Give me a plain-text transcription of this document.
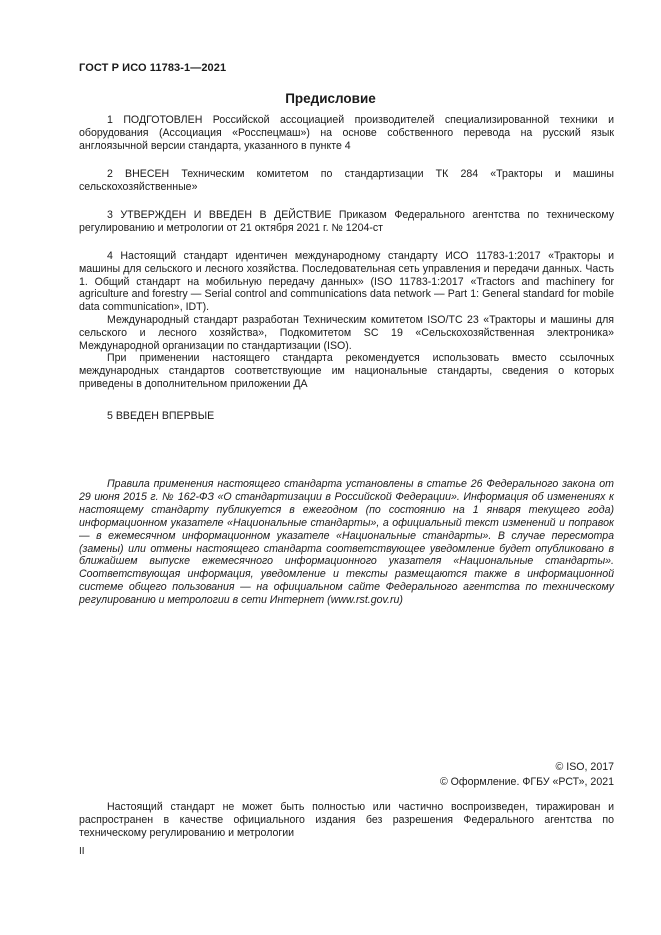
ГОСТ Р ИСО 11783-1—2021
Предисловие

1 ПОДГОТОВЛЕН Российской ассоциацией производителей специализированной техники и оборудования (Ассоциация «Росспецмаш») на основе собственного перевода на русский язык англоязычной версии стандарта, указанного в пункте 4

2 ВНЕСЕН Техническим комитетом по стандартизации ТК 284 «Тракторы и машины сельскохозяйственные»

3 УТВЕРЖДЕН И ВВЕДЕН В ДЕЙСТВИЕ Приказом Федерального агентства по техническому регулированию и метрологии от 21 октября 2021 г. № 1204-ст

4 Настоящий стандарт идентичен международному стандарту ИСО 11783-1:2017 «Тракторы и машины для сельского и лесного хозяйства. Последовательная сеть управления и передачи данных. Часть 1. Общий стандарт на мобильную передачу данных» (ISO 11783-1:2017 «Tractors and machinery for agriculture and forestry — Serial control and communications data network — Part 1: General standard for mobile data communication», IDT).

Международный стандарт разработан Техническим комитетом ISO/TC 23 «Тракторы и машины для сельского и лесного хозяйства», Подкомитетом SC 19 «Сельскохозяйственная электроника» Международной организации по стандартизации (ISO).

При применении настоящего стандарта рекомендуется использовать вместо ссылочных международных стандартов соответствующие им национальные стандарты, сведения о которых приведены в дополнительном приложении ДА

5 ВВЕДЕН ВПЕРВЫЕ

Правила применения настоящего стандарта установлены в статье 26 Федерального закона от 29 июня 2015 г. № 162-ФЗ «О стандартизации в Российской Федерации». Информация об изменениях к настоящему стандарту публикуется в ежегодном (по состоянию на 1 января текущего года) информационном указателе «Национальные стандарты», а официальный текст изменений и поправок — в ежемесячном информационном указателе «Национальные стандарты». В случае пересмотра (замены) или отмены настоящего стандарта соответствующее уведомление будет опубликовано в ближайшем выпуске ежемесячного информационного указателя «Национальные стандарты». Соответствующая информация, уведомление и тексты размещаются также в информационной системе общего пользования — на официальном сайте Федерального агентства по техническому регулированию и метрологии в сети Интернет (www.rst.gov.ru)

© ISO, 2017
© Оформление. ФГБУ «РСТ», 2021

Настоящий стандарт не может быть полностью или частично воспроизведен, тиражирован и распространен в качестве официального издания без разрешения Федерального агентства по техническому регулированию и метрологии

II
